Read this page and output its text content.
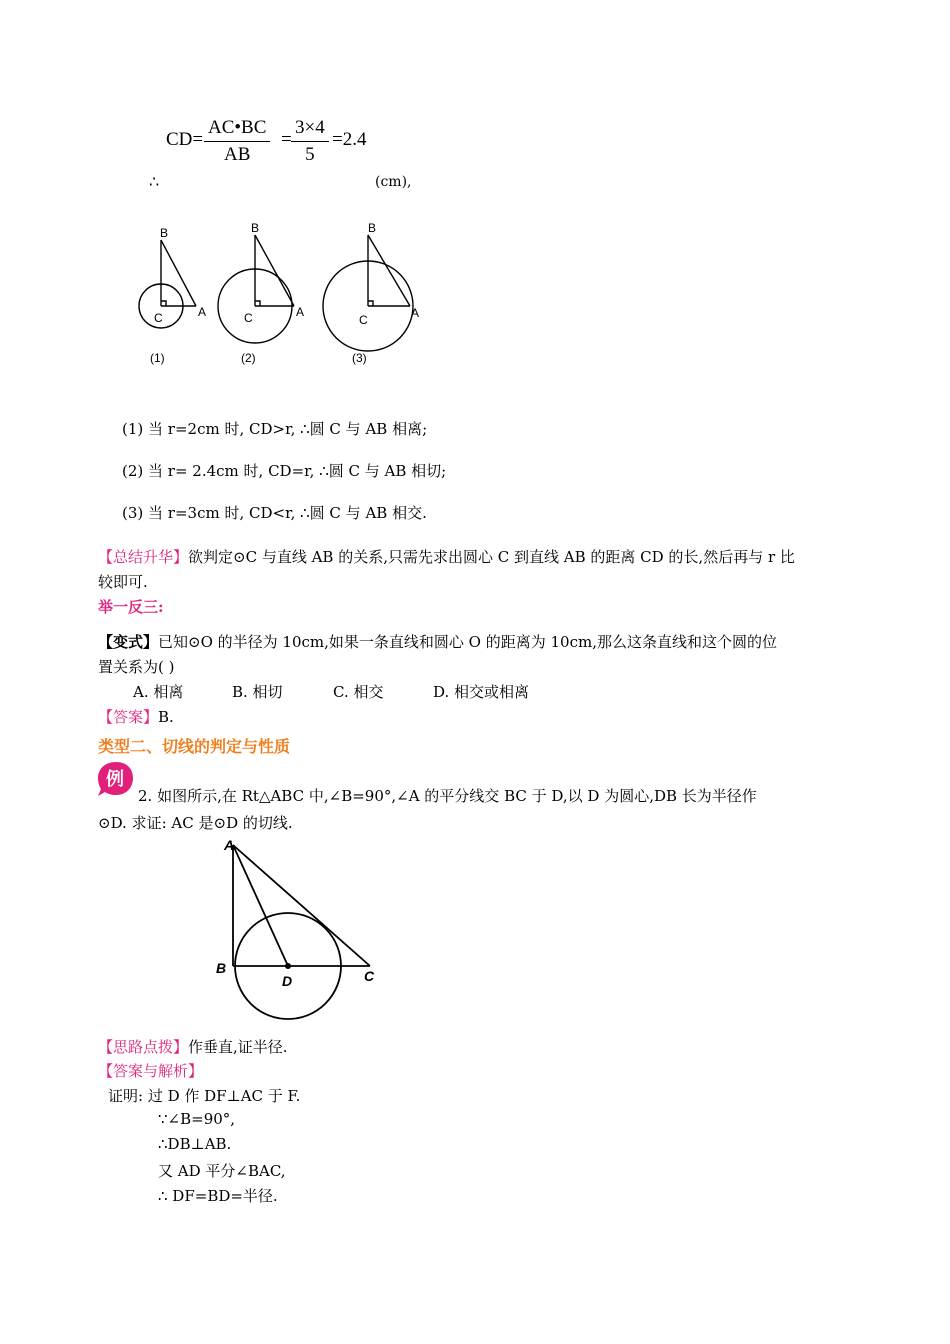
$CD= \frac{AC•BC}{AB} = \frac{3\times 4}{5} =2.4$
∴	(cm),
B
C	A
(1)
B
C	A
(2)
B
C	A
(3)
(1) 当 r=2cm 时, CD>r, ∴圆 C 与 AB 相离;
(2) 当 r= 2.4cm 时, CD=r, ∴圆 C 与 AB 相切;
(3) 当 r=3cm 时, CD<r, ∴圆 C 与 AB 相交.
【总结升华】欲判定⊙C 与直线 AB 的关系,只需先求出圆心 C 到直线 AB 的距离 CD 的长,然后再与 r 比
较即可.
举一反三:
【变式】已知⊙O 的半径为 10cm,如果一条直线和圆心 O 的距离为 10cm,那么这条直线和这个圆的位
置关系为( )
A. 相离	B. 相切	C. 相交	D. 相交或相离
【答案】B.
类型二、切线的判定与性质
例
2. 如图所示,在 Rt△ABC 中,∠B=90°,∠A 的平分线交 BC 于 D,以 D 为圆心,DB 长为半径作
⊙D. 求证: AC 是⊙D 的切线.
A
B	C
D
【思路点拨】作垂直,证半径.
【答案与解析】
证明: 过 D 作 DF⊥AC 于 F.
∵∠B=90°,
∴DB⊥AB.
又 AD 平分∠BAC,
∴ DF=BD=半径.
